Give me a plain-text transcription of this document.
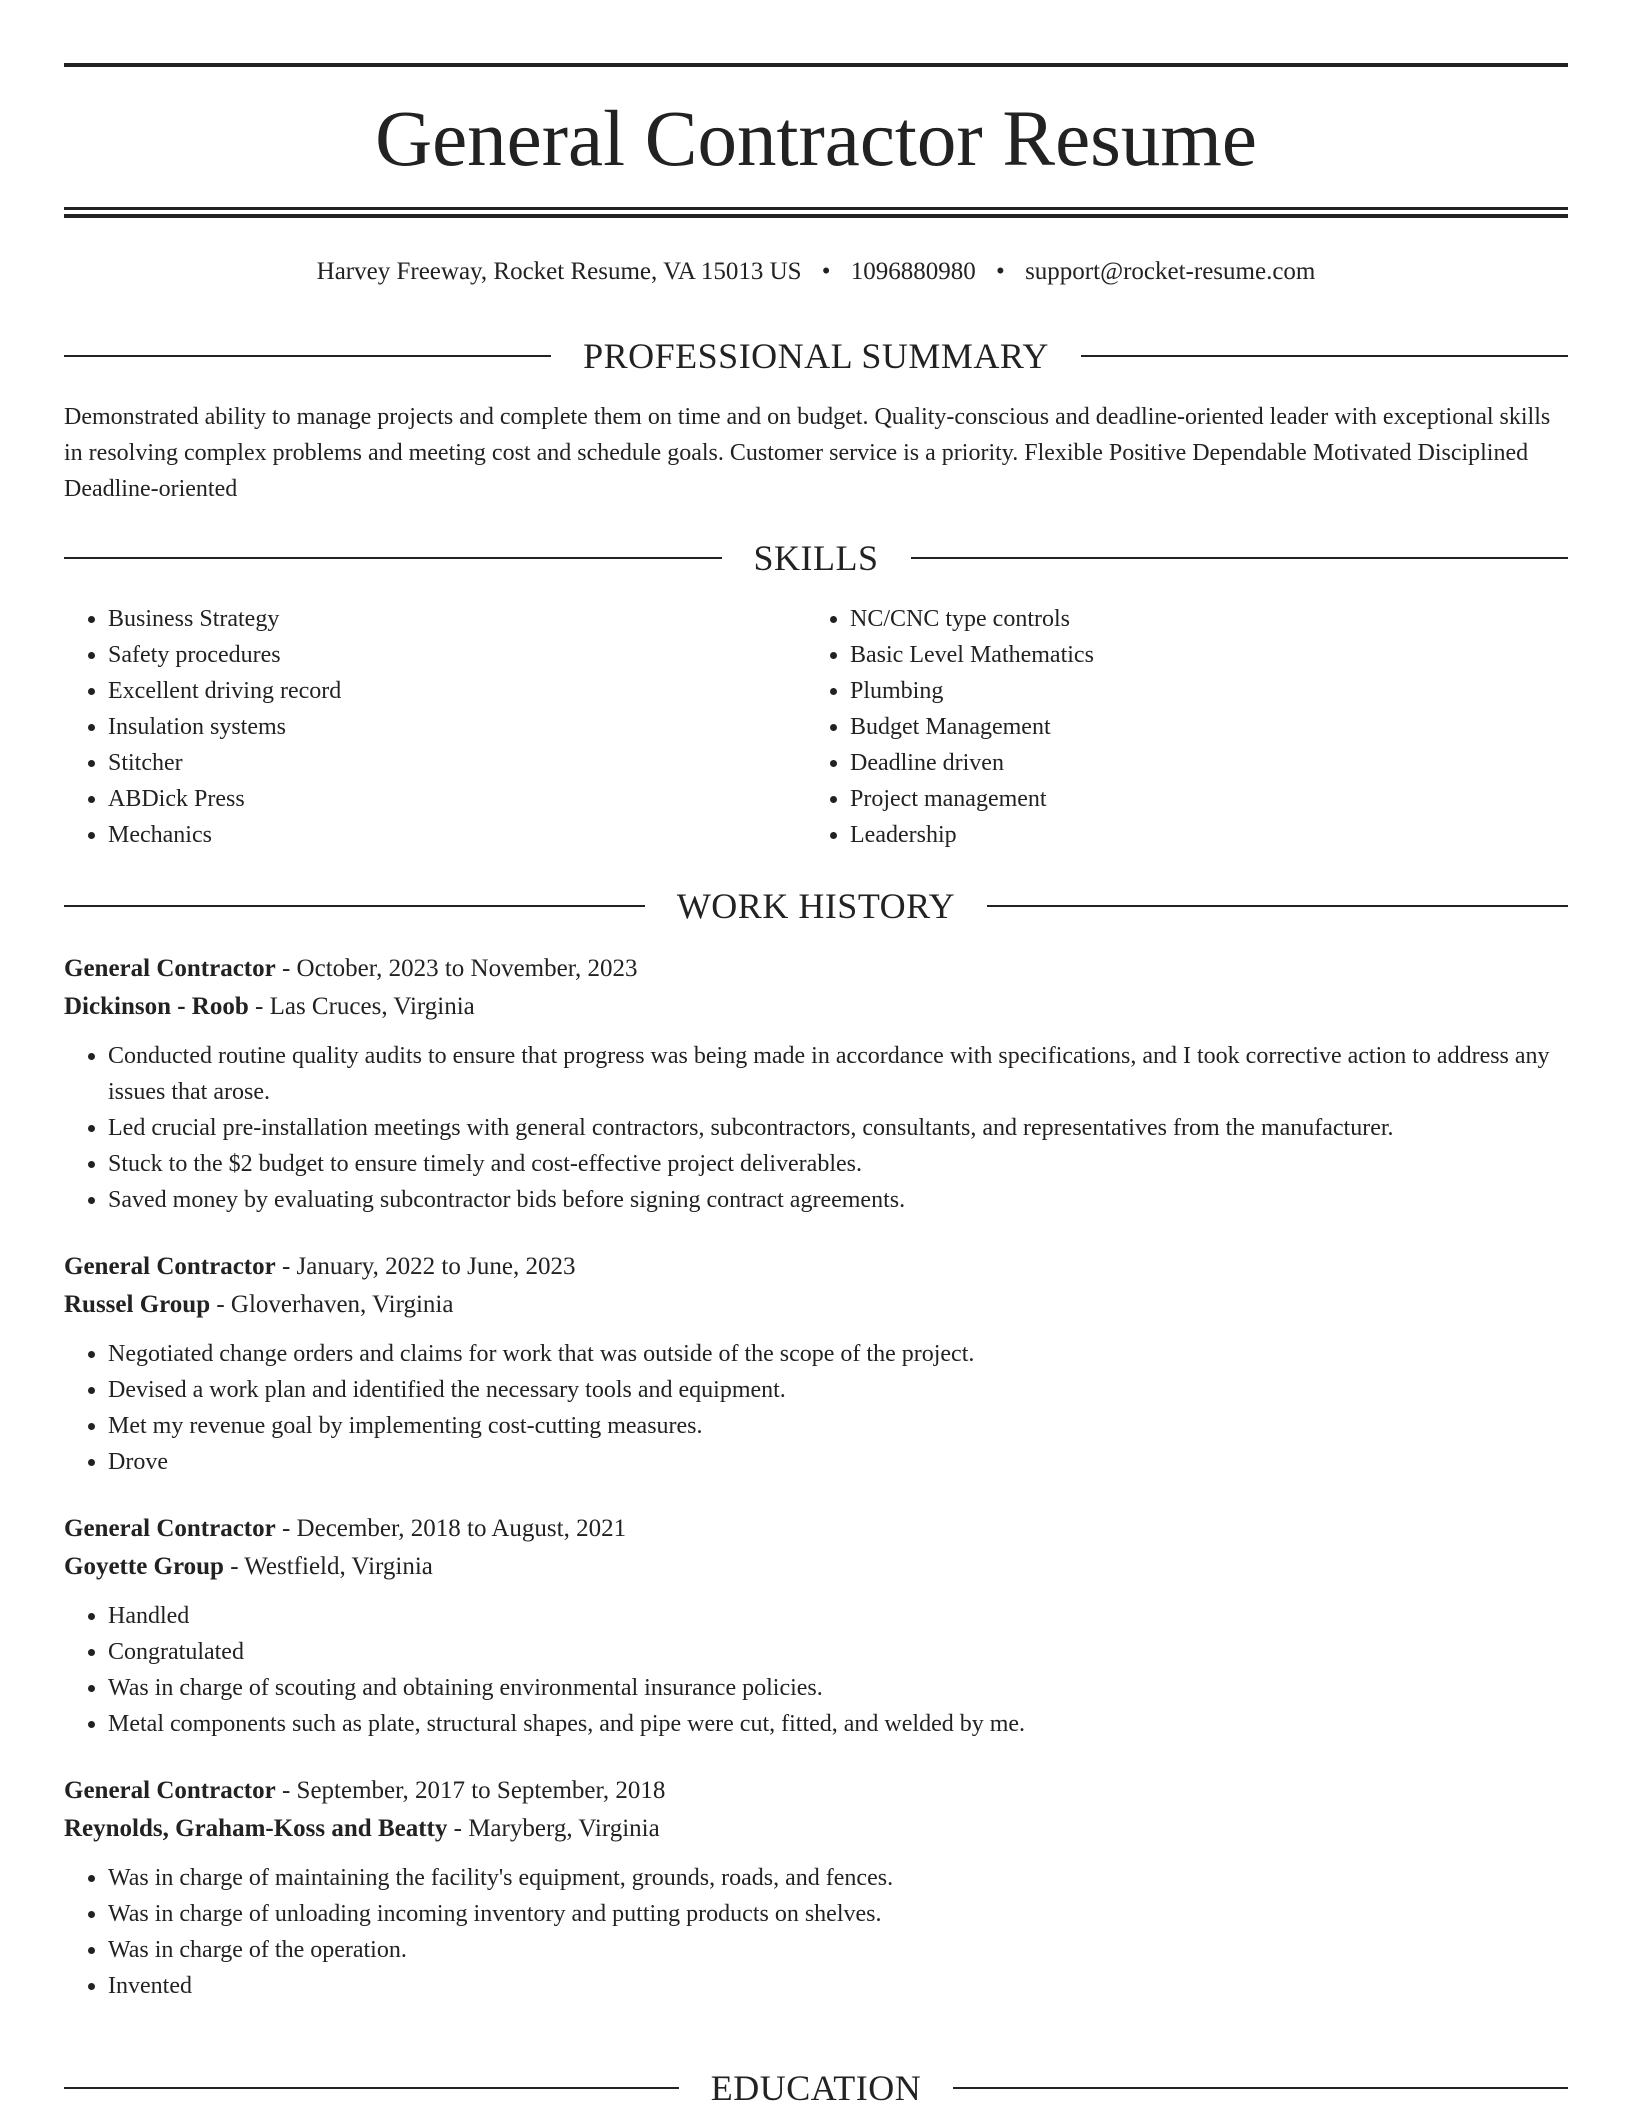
General Contractor Resume
Harvey Freeway, Rocket Resume, VA 15013 US • 1096880980 • support@rocket-resume.com
PROFESSIONAL SUMMARY

Demonstrated ability to manage projects and complete them on time and on budget. Quality-conscious and deadline-oriented leader with exceptional skills in resolving complex problems and meeting cost and schedule goals. Customer service is a priority. Flexible Positive Dependable Motivated Disciplined Deadline-oriented

SKILLS
• Business Strategy
• Safety procedures
• Excellent driving record
• Insulation systems
• Stitcher
• ABDick Press
• Mechanics
• NC/CNC type controls
• Basic Level Mathematics
• Plumbing
• Budget Management
• Deadline driven
• Project management
• Leadership
WORK HISTORY

General Contractor - October, 2023 to November, 2023

Dickinson - Roob - Las Cruces, Virginia

• Conducted routine quality audits to ensure that progress was being made in accordance with specifications, and I took corrective action to address any issues that arose.
• Led crucial pre-installation meetings with general contractors, subcontractors, consultants, and representatives from the manufacturer.
• Stuck to the $2 budget to ensure timely and cost-effective project deliverables.
• Saved money by evaluating subcontractor bids before signing contract agreements.

General Contractor - January, 2022 to June, 2023

Russel Group - Gloverhaven, Virginia

• Negotiated change orders and claims for work that was outside of the scope of the project.
• Devised a work plan and identified the necessary tools and equipment.
• Met my revenue goal by implementing cost-cutting measures.
• Drove

General Contractor - December, 2018 to August, 2021

Goyette Group - Westfield, Virginia

• Handled
• Congratulated
• Was in charge of scouting and obtaining environmental insurance policies.
• Metal components such as plate, structural shapes, and pipe were cut, fitted, and welded by me.

General Contractor - September, 2017 to September, 2018

Reynolds, Graham-Koss and Beatty - Maryberg, Virginia

• Was in charge of maintaining the facility's equipment, grounds, roads, and fences.
• Was in charge of unloading incoming inventory and putting products on shelves.
• Was in charge of the operation.
• Invented
EDUCATION
